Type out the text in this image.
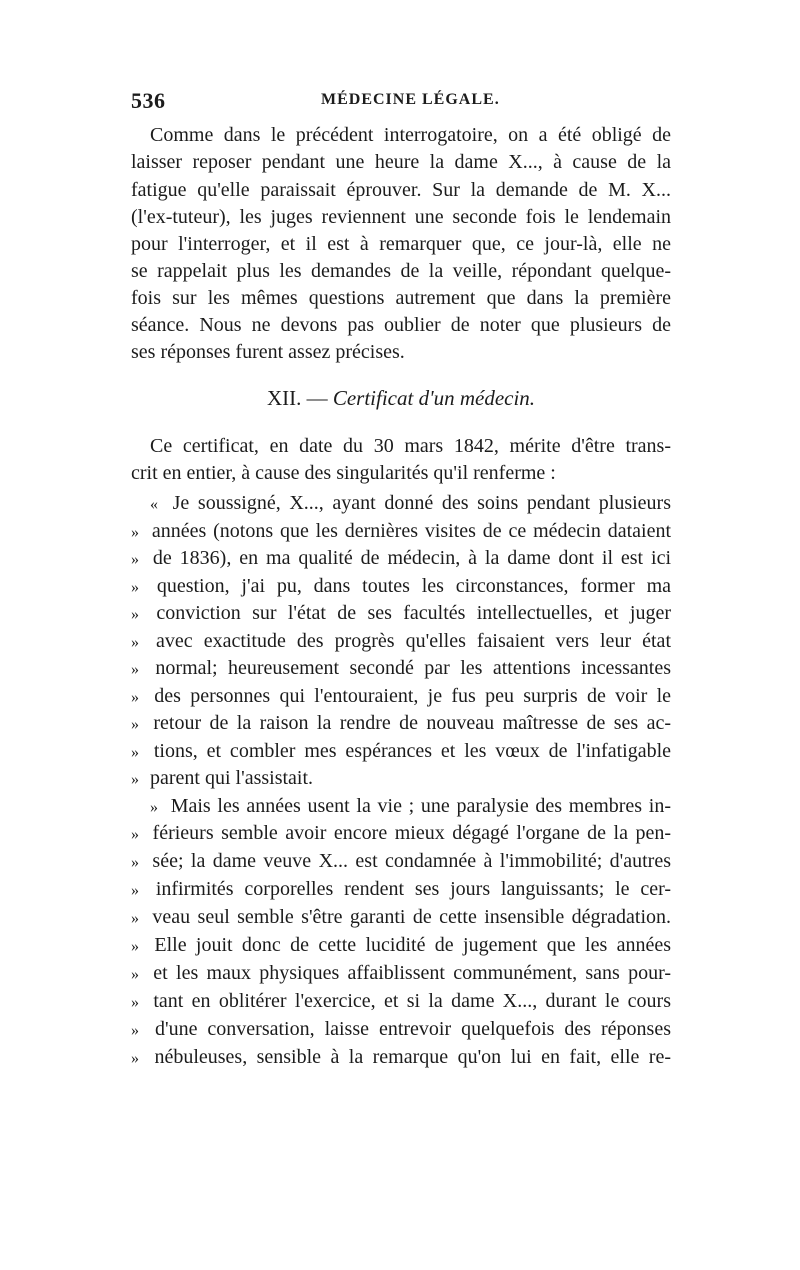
536	MÉDECINE LÉGALE.
Comme dans le précédent interrogatoire, on a été obligé de
laisser reposer pendant une heure la dame X..., à cause de la
fatigue qu'elle paraissait éprouver. Sur la demande de M. X...
(l'ex-tuteur), les juges reviennent une seconde fois le lendemain
pour l'interroger, et il est à remarquer que, ce jour-là, elle ne
se rappelait plus les demandes de la veille, répondant quelque-
fois sur les mêmes questions autrement que dans la première
séance. Nous ne devons pas oublier de noter que plusieurs de
ses réponses furent assez précises.
XII. — Certificat d'un médecin.
Ce certificat, en date du 30 mars 1842, mérite d'être trans-
crit en entier, à cause des singularités qu'il renferme :
« Je soussigné, X..., ayant donné des soins pendant plusieurs
» années (notons que les dernières visites de ce médecin dataient
» de 1836), en ma qualité de médecin, à la dame dont il est ici
» question, j'ai pu, dans toutes les circonstances, former ma
» conviction sur l'état de ses facultés intellectuelles, et juger
» avec exactitude des progrès qu'elles faisaient vers leur état
» normal; heureusement secondé par les attentions incessantes
» des personnes qui l'entouraient, je fus peu surpris de voir le
» retour de la raison la rendre de nouveau maîtresse de ses ac-
» tions, et combler mes espérances et les vœux de l'infatigable
» parent qui l'assistait.
» Mais les années usent la vie ; une paralysie des membres in-
» férieurs semble avoir encore mieux dégagé l'organe de la pen-
» sée; la dame veuve X... est condamnée à l'immobilité; d'autres
» infirmités corporelles rendent ses jours languissants; le cer-
» veau seul semble s'être garanti de cette insensible dégradation.
» Elle jouit donc de cette lucidité de jugement que les années
» et les maux physiques affaiblissent communément, sans pour-
» tant en oblitérer l'exercice, et si la dame X..., durant le cours
» d'une conversation, laisse entrevoir quelquefois des réponses
» nébuleuses, sensible à la remarque qu'on lui en fait, elle re-
